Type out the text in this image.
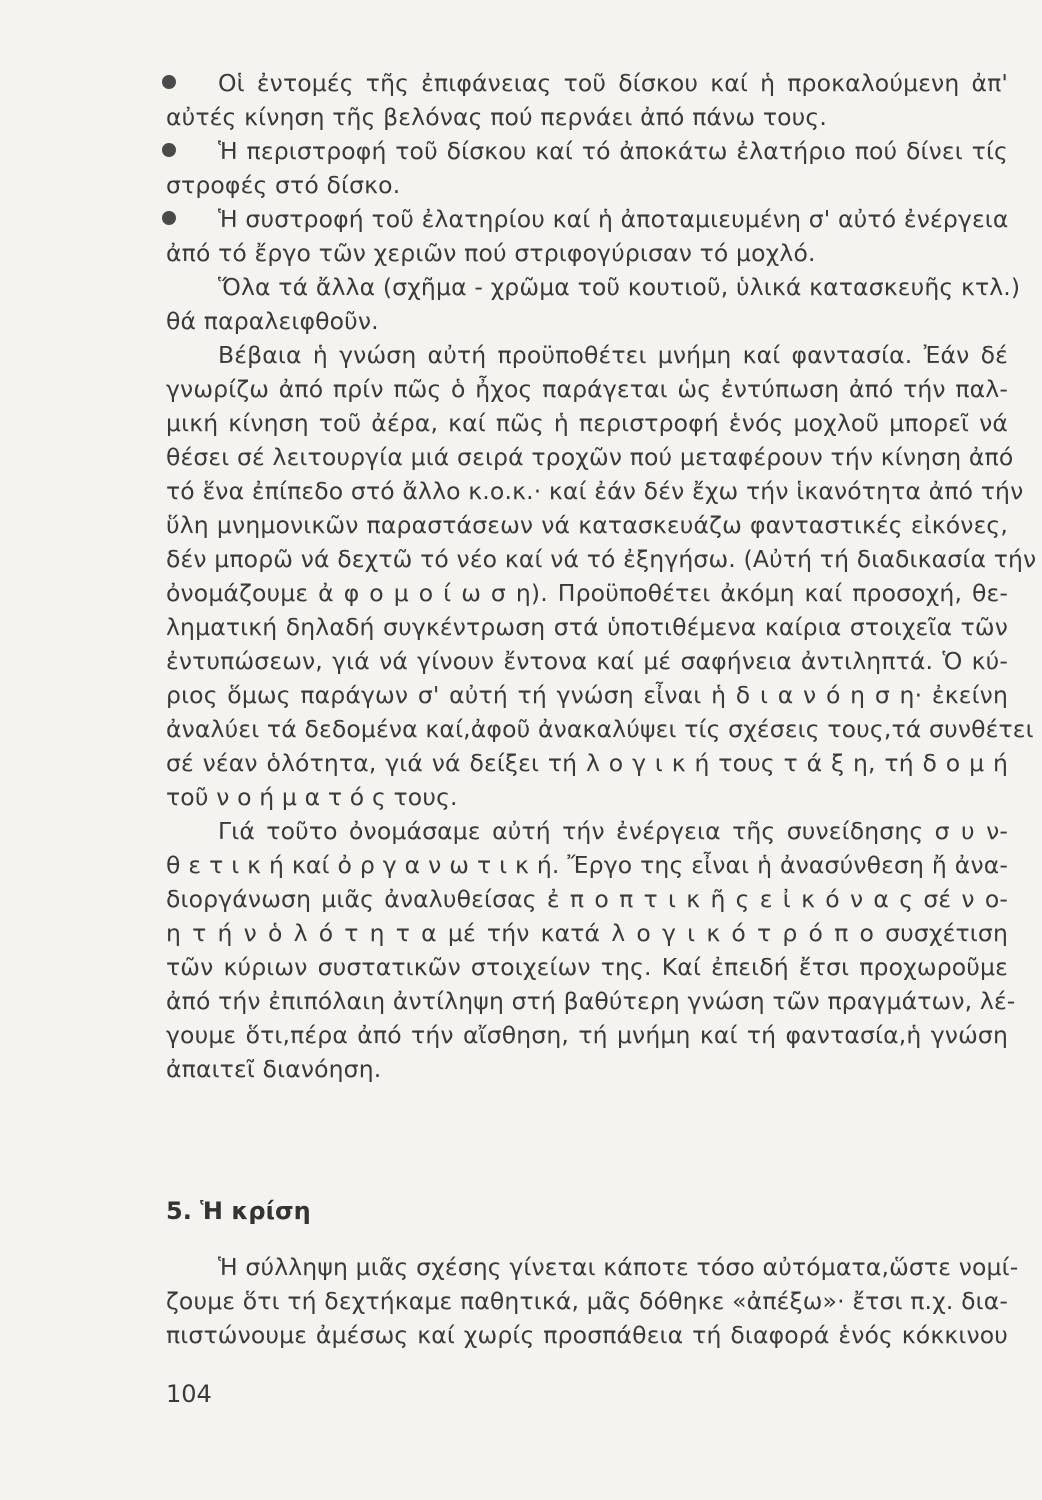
Οἱ ἐντομές τῆς ἐπιφάνειας τοῦ δίσκου καί ἡ προκαλούμενη ἀπ'
αὐτές κίνηση τῆς βελόνας πού περνάει ἀπό πάνω τους.
Ἡ περιστροφή τοῦ δίσκου καί τό ἀποκάτω ἐλατήριο πού δίνει τίς
στροφές στό δίσκο.
Ἡ συστροφή τοῦ ἐλατηρίου καί ἡ ἀποταμιευμένη σ' αὐτό ἐνέργεια
ἀπό τό ἔργο τῶν χεριῶν πού στριφογύρισαν τό μοχλό.
Ὅλα τά ἄλλα (σχῆμα - χρῶμα τοῦ κουτιοῦ, ὑλικά κατασκευῆς κτλ.)
θά παραλειφθοῦν.
Βέβαια ἡ γνώση αὐτή προϋποθέτει μνήμη καί φαντασία. Ἐάν δέ
γνωρίζω ἀπό πρίν πῶς ὁ ἦχος παράγεται ὡς ἐντύπωση ἀπό τήν παλ-
μική κίνηση τοῦ ἀέρα, καί πῶς ἡ περιστροφή ἑνός μοχλοῦ μπορεῖ νά
θέσει σέ λειτουργία μιά σειρά τροχῶν πού μεταφέρουν τήν κίνηση ἀπό
τό ἕνα ἐπίπεδο στό ἄλλο κ.ο.κ.· καί ἐάν δέν ἔχω τήν ἱκανότητα ἀπό τήν
ὕλη μνημονικῶν παραστάσεων νά κατασκευάζω φανταστικές εἰκόνες,
δέν μπορῶ νά δεχτῶ τό νέο καί νά τό ἐξηγήσω. (Αὐτή τή διαδικασία τήν
ὀνομάζουμε ἀ φ ο μ ο ί ω σ η). Προϋποθέτει ἀκόμη καί προσοχή, θε-
ληματική δηλαδή συγκέντρωση στά ὑποτιθέμενα καίρια στοιχεῖα τῶν
ἐντυπώσεων, γιά νά γίνουν ἔντονα καί μέ σαφήνεια ἀντιληπτά. Ὁ κύ-
ριος ὅμως παράγων σ' αὐτή τή γνώση εἶναι ἡ δ ι α ν ό η σ η· ἐκείνη
ἀναλύει τά δεδομένα καί,ἀφοῦ ἀνακαλύψει τίς σχέσεις τους,τά συνθέτει
σέ νέαν ὁλότητα, γιά νά δείξει τή λ ο γ ι κ ή τους τ ά ξ η, τή δ ο μ ή
τοῦ ν ο ή μ α τ ό ς τους.
Γιά τοῦτο ὀνομάσαμε αὐτή τήν ἐνέργεια τῆς συνείδησης σ υ ν-
θ ε τ ι κ ή καί ὀ ρ γ α ν ω τ ι κ ή. Ἔργο της εἶναι ἡ ἀνασύνθεση ἤ ἀνα-
διοργάνωση μιᾶς ἀναλυθείσας ἐ π ο π τ ι κ ῆ ς ε ἰ κ ό ν α ς σέ ν ο-
η τ ή ν ὁ λ ό τ η τ α μέ τήν κατά λ ο γ ι κ ό τ ρ ό π ο συσχέτιση
τῶν κύριων συστατικῶν στοιχείων της. Καί ἐπειδή ἔτσι προχωροῦμε
ἀπό τήν ἐπιπόλαιη ἀντίληψη στή βαθύτερη γνώση τῶν πραγμάτων, λέ-
γουμε ὅτι,πέρα ἀπό τήν αἴσθηση, τή μνήμη καί τή φαντασία,ἡ γνώση
ἀπαιτεῖ διανόηση.
5. Ἡ κρίση
Ἡ σύλληψη μιᾶς σχέσης γίνεται κάποτε τόσο αὐτόματα,ὥστε νομί-
ζουμε ὅτι τή δεχτήκαμε παθητικά, μᾶς δόθηκε «ἀπέξω»· ἔτσι π.χ. δια-
πιστώνουμε ἀμέσως καί χωρίς προσπάθεια τή διαφορά ἑνός κόκκινου
104
